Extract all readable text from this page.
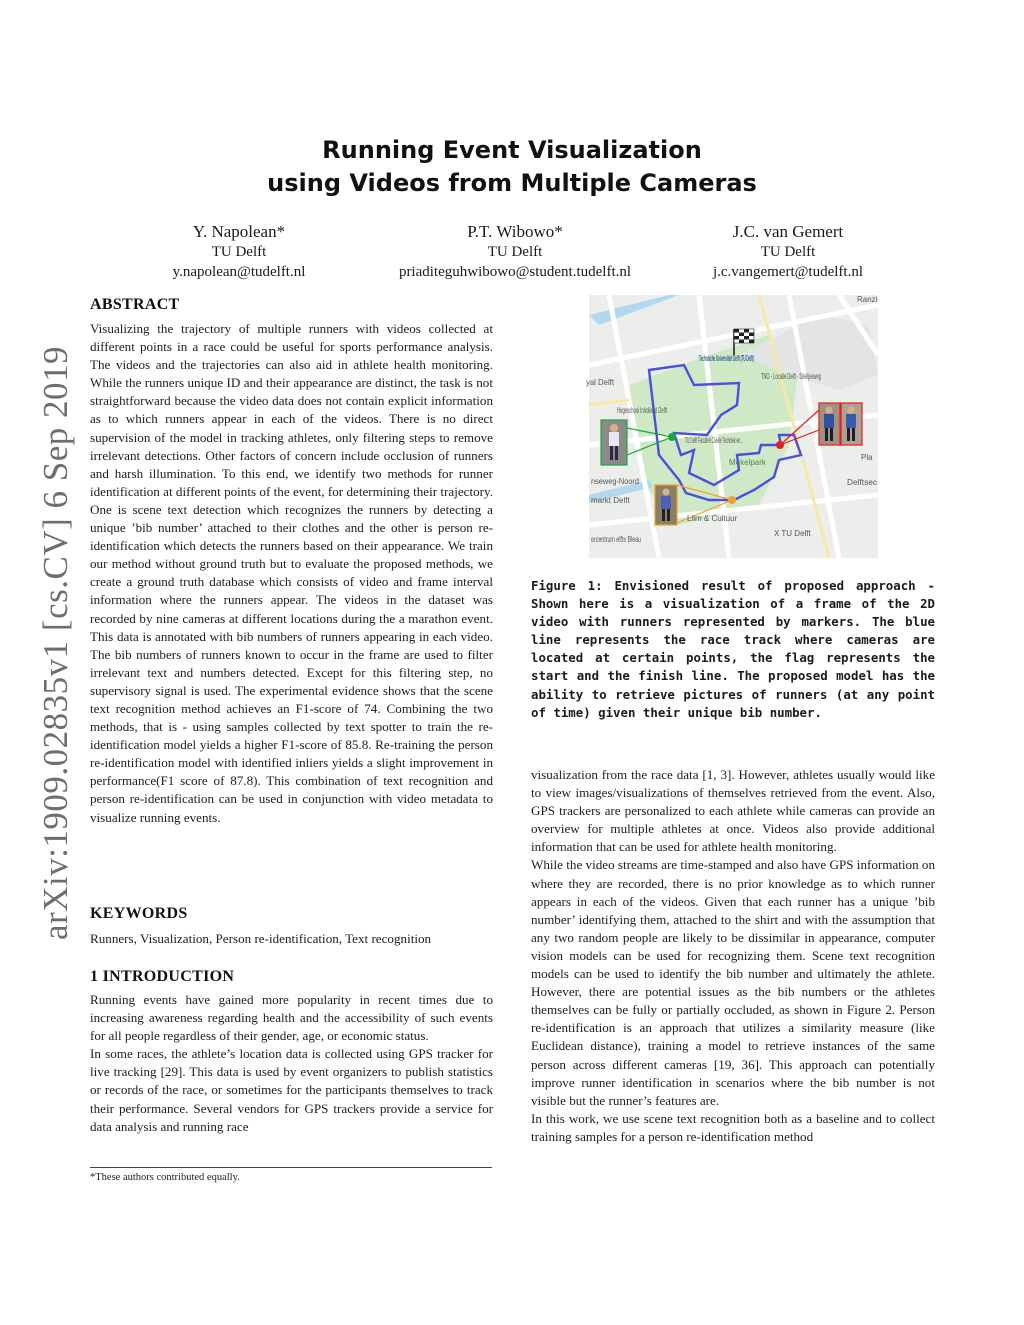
arXiv:1909.02835v1 [cs.CV] 6 Sep 2019
Running Event Visualization
using Videos from Multiple Cameras
Y. Napolean*
TU Delft
y.napolean@tudelft.nl
P.T. Wibowo*
TU Delft
priaditeguhwibowo@student.tudelft.nl
J.C. van Gemert
TU Delft
j.c.vangemert@tudelft.nl
ABSTRACT

Visualizing the trajectory of multiple runners with videos collected at different points in a race could be useful for sports performance analysis. The videos and the trajectories can also aid in athlete health monitoring. While the runners unique ID and their appearance are distinct, the task is not straightforward because the video data does not contain explicit information as to which runners appear in each of the videos. There is no direct supervision of the model in tracking athletes, only filtering steps to remove irrelevant detections. Other factors of concern include occlusion of runners and harsh illumination. To this end, we identify two methods for runner identification at different points of the event, for determining their trajectory. One is scene text detection which recognizes the runners by detecting a unique ’bib number’ attached to their clothes and the other is person re-identification which detects the runners based on their appearance. We train our method without ground truth but to evaluate the proposed methods, we create a ground truth database which consists of video and frame interval information where the runners appear. The videos in the dataset was recorded by nine cameras at different locations during the a marathon event. This data is annotated with bib numbers of runners appearing in each video. The bib numbers of runners known to occur in the frame are used to filter irrelevant text and numbers detected. Except for this filtering step, no supervisory signal is used. The experimental evidence shows that the scene text recognition method achieves an F1-score of 74. Combining the two methods, that is - using samples collected by text spotter to train the re-identification model yields a higher F1-score of 85.8. Re-training the person re-identification model with identified inliers yields a slight improvement in performance(F1 score of 87.8). This combination of text recognition and person re-identification can be used in conjunction with video metadata to visualize running events.

KEYWORDS

Runners, Visualization, Person re-identification, Text recognition

1 INTRODUCTION

Running events have gained more popularity in recent times due to increasing awareness regarding health and the accessibility of such events for all people regardless of their gender, age, or economic status.

In some races, the athlete’s location data is collected using GPS tracker for live tracking [29]. This data is used by event organizers to publish statistics or records of the race, or sometimes for the participants themselves to track their performance. Several vendors for GPS trackers provide a service for data analysis and running race

*These authors contributed equally.
Technische Universiteit Delft (TU Delft)
TNO - Locatie Delft - Stieltjesweg
Hogeschool Inholland Delft
TU Delft Faculteit Civiele Techniek en...
Mekelpark
nseweg-Noord
markt Delft
Liim & Cultuur
X TU Delft
ercentrum elfts Bleau
Delftsec
Pla
Ranzi
yal Delft
Figure 1: Envisioned result of proposed approach - Shown here is a visualization of a frame of the 2D video with runners represented by markers. The blue line represents the race track where cameras are located at certain points, the flag represents the start and the finish line. The proposed model has the ability to retrieve pictures of runners (at any point of time) given their unique bib number.

visualization from the race data [1, 3]. However, athletes usually would like to view images/visualizations of themselves retrieved from the event. Also, GPS trackers are personalized to each athlete while cameras can provide an overview for multiple athletes at once. Videos also provide additional information that can be used for athlete health monitoring.

While the video streams are time-stamped and also have GPS information on where they are recorded, there is no prior knowledge as to which runner appears in each of the videos. Given that each runner has a unique ’bib number’ identifying them, attached to the shirt and with the assumption that any two random people are likely to be dissimilar in appearance, computer vision models can be used for recognizing them. Scene text recognition models can be used to identify the bib number and ultimately the athlete. However, there are potential issues as the bib numbers or the athletes themselves can be fully or partially occluded, as shown in Figure 2. Person re-identification is an approach that utilizes a similarity measure (like Euclidean distance), training a model to retrieve instances of the same person across different cameras [19, 36]. This approach can potentially improve runner identification in scenarios where the bib number is not visible but the runner’s features are.

In this work, we use scene text recognition both as a baseline and to collect training samples for a person re-identification method
